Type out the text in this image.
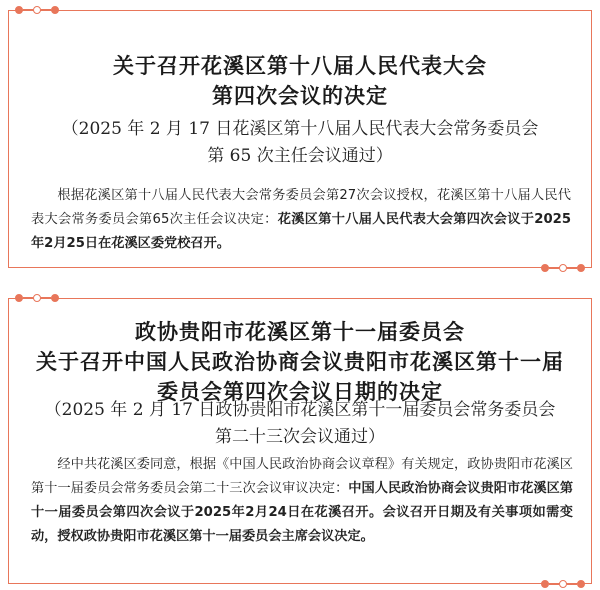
关于召开花溪区第十八届人民代表大会

第四次会议的决定

（2025 年 2 月 17 日花溪区第十八届人民代表大会常务委员会

第 65 次主任会议通过）

根据花溪区第十八届人民代表大会常务委员会第27次会议授权，花溪区第十八届人民代表大会常务委员会第65次主任会议决定：花溪区第十八届人民代表大会第四次会议于2025年2月25日在花溪区委党校召开。

政协贵阳市花溪区第十一届委员会

关于召开中国人民政治协商会议贵阳市花溪区第十一届

委员会第四次会议日期的决定

（2025 年 2 月 17 日政协贵阳市花溪区第十一届委员会常务委员会

第二十三次会议通过）

经中共花溪区委同意，根据《中国人民政治协商会议章程》有关规定，政协贵阳市花溪区第十一届委员会常务委员会第二十三次会议审议决定：中国人民政治协商会议贵阳市花溪区第十一届委员会第四次会议于2025年2月24日在花溪召开。会议召开日期及有关事项如需变动，授权政协贵阳市花溪区第十一届委员会主席会议决定。
